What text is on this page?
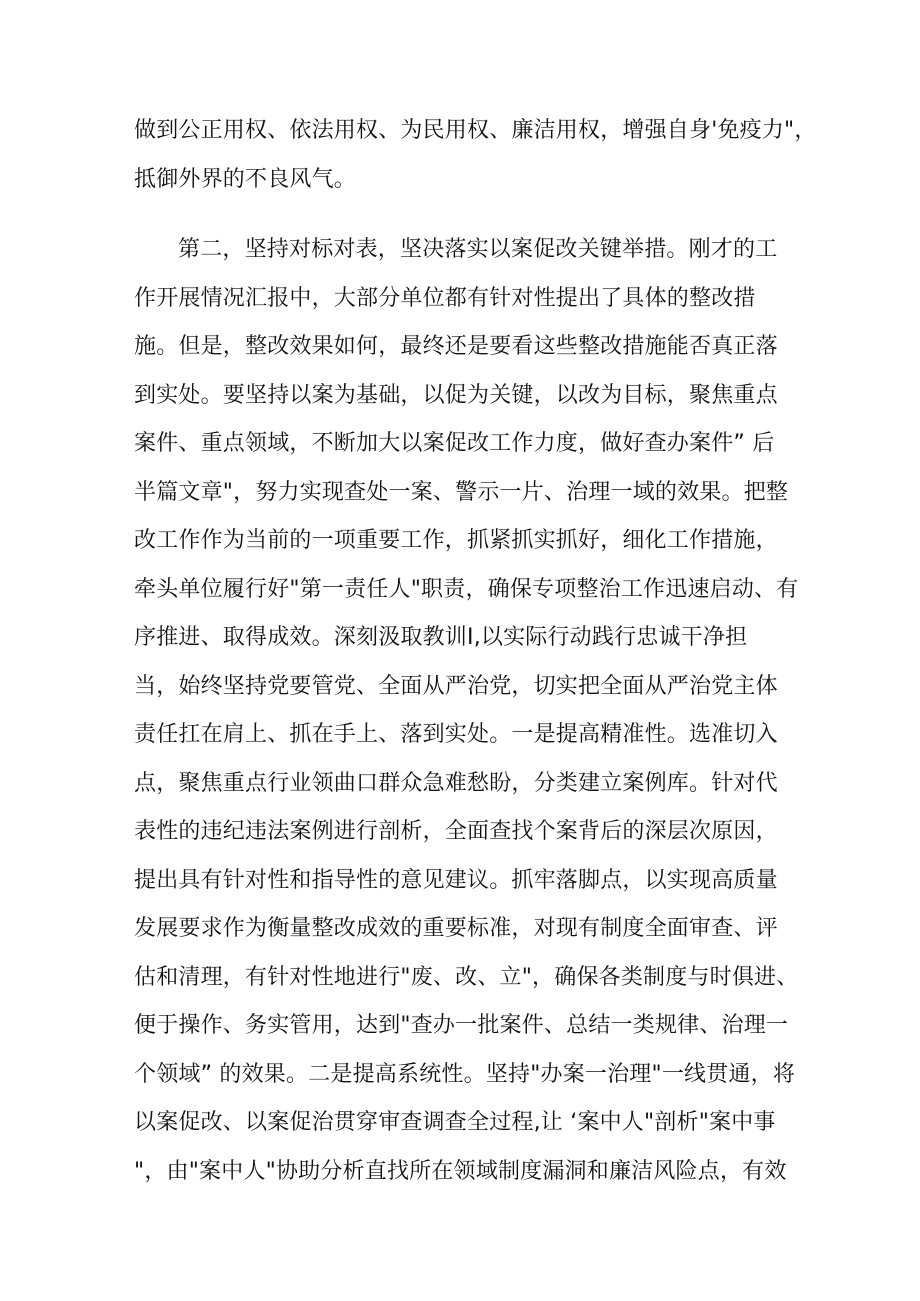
做到公正用权、依法用权、为民用权、廉洁用权，增强自身'免疫力"，
抵御外界的不良风气。
第二，坚持对标对表，坚决落实以案促改关键举措。刚才的工
作开展情况汇报中，大部分单位都有针对性提出了具体的整改措
施。但是，整改效果如何，最终还是要看这些整改措施能否真正落
到实处。要坚持以案为基础，以促为关键，以改为目标，聚焦重点
案件、重点领域，不断加大以案促改工作力度，做好查办案件” 后
半篇文章"，努力实现查处一案、警示一片、治理一域的效果。把整
改工作作为当前的一项重要工作，抓紧抓实抓好，细化工作措施，
牵头单位履行好"第一责任人"职责，确保专项整治工作迅速启动、有
序推进、取得成效。深刻汲取教训Ⅰ,以实际行动践行忠诚干净担
当，始终坚持党要管党、全面从严治党，切实把全面从严治党主体
责任扛在肩上、抓在手上、落到实处。一是提高精准性。选准切入
点，聚焦重点行业领曲口群众急难愁盼，分类建立案例库。针对代
表性的违纪违法案例进行剖析，全面查找个案背后的深层次原因，
提出具有针对性和指导性的意见建议。抓牢落脚点，以实现高质量
发展要求作为衡量整改成效的重要标准，对现有制度全面审查、评
估和清理，有针对性地进行"废、改、立"，确保各类制度与时俱进、
便于操作、务实管用，达到"查办一批案件、总结一类规律、治理一
个领域” 的效果。二是提高系统性。坚持"办案一治理"一线贯通，将
以案促改、以案促治贯穿审查调查全过程,让 ‘案中人"剖析"案中事
"，由"案中人"协助分析直找所在领域制度漏洞和廉洁风险点，有效
